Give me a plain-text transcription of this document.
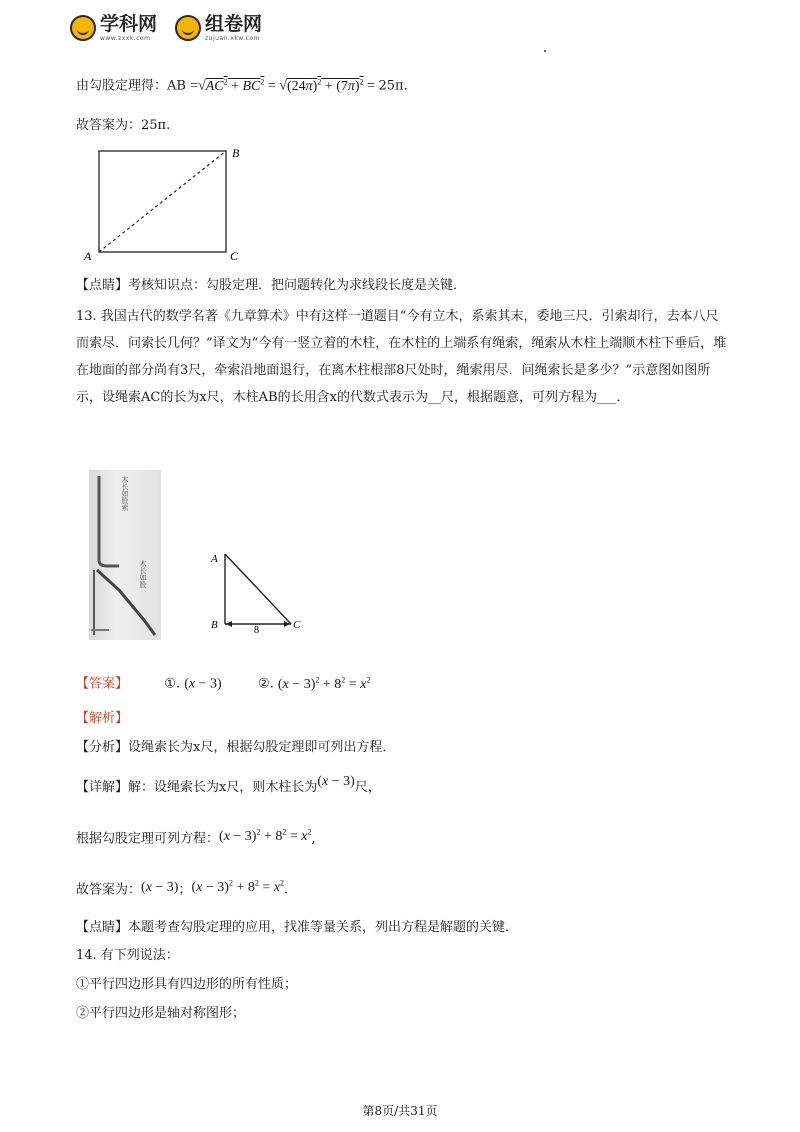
学科网
www.zxxk.com
组卷网
zujuan.xkw.com
由勾股定理得：AB $=√AC^2 + BC^2 = √(24\pi)^2 + (7\pi)^2 = 25\pi$.
故答案为：25π.
B
A	C
【点睛】考核知识点：勾股定理．把问题转化为求线段长度是关键．
13. 我国古代的数学名著《九章算术》中有这样一道题目“今有立木，系索其末，委地三尺．引索却行，去本八尺而索尽．问索长几何？”译文为“今有一竖立着的木柱，在木柱的上端系有绳索，绳索从木柱上端顺木柱下垂后，堆在地面的部分尚有3尺，牵索沿地面退行，在离木柱根部8尺处时，绳索用尽．问绳索长是多少？”示意图如图所示，设绳索AC的长为x尺，木柱AB的长用含x的代数式表示为__尺，根据题意，可列方程为___．
木长如股索
木长如股
A
B	C
8
【答案】	①. (x − 3)	②. $(x - 3)^2 + 8^2 = x^2$
【解析】
【分析】设绳索长为x尺，根据勾股定理即可列出方程．
【详解】解：设绳索长为x尺，则木柱长为(x − 3)尺，
根据勾股定理可列方程：$(x - 3)^2 + 8^2 = x^2$,
故答案为：(x − 3)；$(x - 3)^2 + 8^2 = x^2$.
【点睛】本题考查勾股定理的应用，找准等量关系，列出方程是解题的关键．
14. 有下列说法：
①平行四边形具有四边形的所有性质；
②平行四边形是轴对称图形；
第8页/共31页
